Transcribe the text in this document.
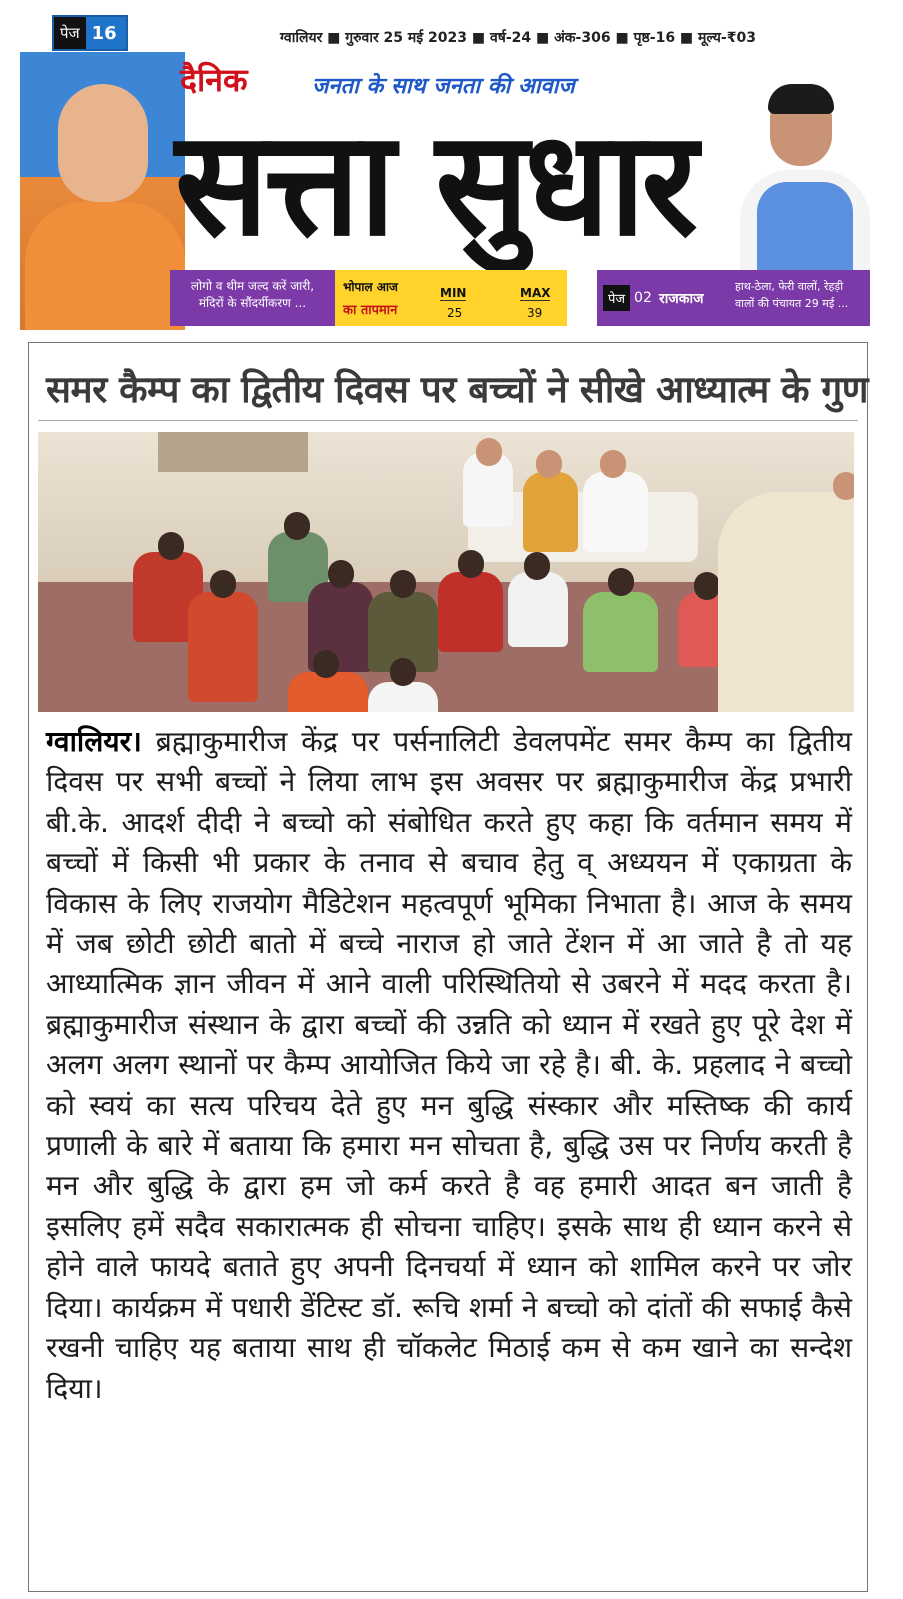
पेज 16	ग्वालियर ■ गुरुवार 25 मई 2023 ■ वर्ष-24 ■ अंक-306 ■ पृष्ठ-16 ■ मूल्य-₹03
दैनिक	जनता के साथ जनता की आवाज
सत्ता सुधार
लोगो व थीम जल्द करें जारी, मंदिरों के सौंदर्यीकरण ...
भोपाल आज
का तापमान
MIN
25
MAX
39
पेज 02 राजकाज
हाथ-ठेला, फेरी वालों, रेहड़ी वालों की पंचायत 29 मई ...
समर कैम्प का द्वितीय दिवस पर बच्चों ने सीखे आध्यात्म के गुण
ग्वालियर। ब्रह्माकुमारीज केंद्र पर पर्सनालिटी डेवलपमेंट समर कैम्प का द्वितीय दिवस पर सभी बच्चों ने लिया लाभ इस अवसर पर ब्रह्माकुमारीज केंद्र प्रभारी बी.के. आदर्श दीदी ने बच्चो को संबोधित करते हुए कहा कि वर्तमान समय में बच्चों में किसी भी प्रकार के तनाव से बचाव हेतु व् अध्ययन में एकाग्रता के विकास के लिए राजयोग मैडिटेशन महत्वपूर्ण भूमिका निभाता है। आज के समय में जब छोटी छोटी बातो में बच्चे नाराज हो जाते टेंशन में आ जाते है तो यह आध्यात्मिक ज्ञान जीवन में आने वाली परिस्थितियो से उबरने में मदद करता है। ब्रह्माकुमारीज संस्थान के द्वारा बच्चों की उन्नति को ध्यान में रखते हुए पूरे देश में अलग अलग स्थानों पर कैम्प आयोजित किये जा रहे है। बी. के. प्रहलाद ने बच्चो को स्वयं का सत्य परिचय देते हुए मन बुद्धि संस्कार और मस्तिष्क की कार्य प्रणाली के बारे में बताया कि हमारा मन सोचता है, बुद्धि उस पर निर्णय करती है मन और बुद्धि के द्वारा हम जो कर्म करते है वह हमारी आदत बन जाती है इसलिए हमें सदैव सकारात्मक ही सोचना चाहिए। इसके साथ ही ध्यान करने से होने वाले फायदे बताते हुए अपनी दिनचर्या में ध्यान को शामिल करने पर जोर दिया। कार्यक्रम में पधारी डेंटिस्ट डॉ. रूचि शर्मा ने बच्चो को दांतों की सफाई कैसे रखनी चाहिए यह बताया साथ ही चॉकलेट मिठाई कम से कम खाने का सन्देश दिया।
